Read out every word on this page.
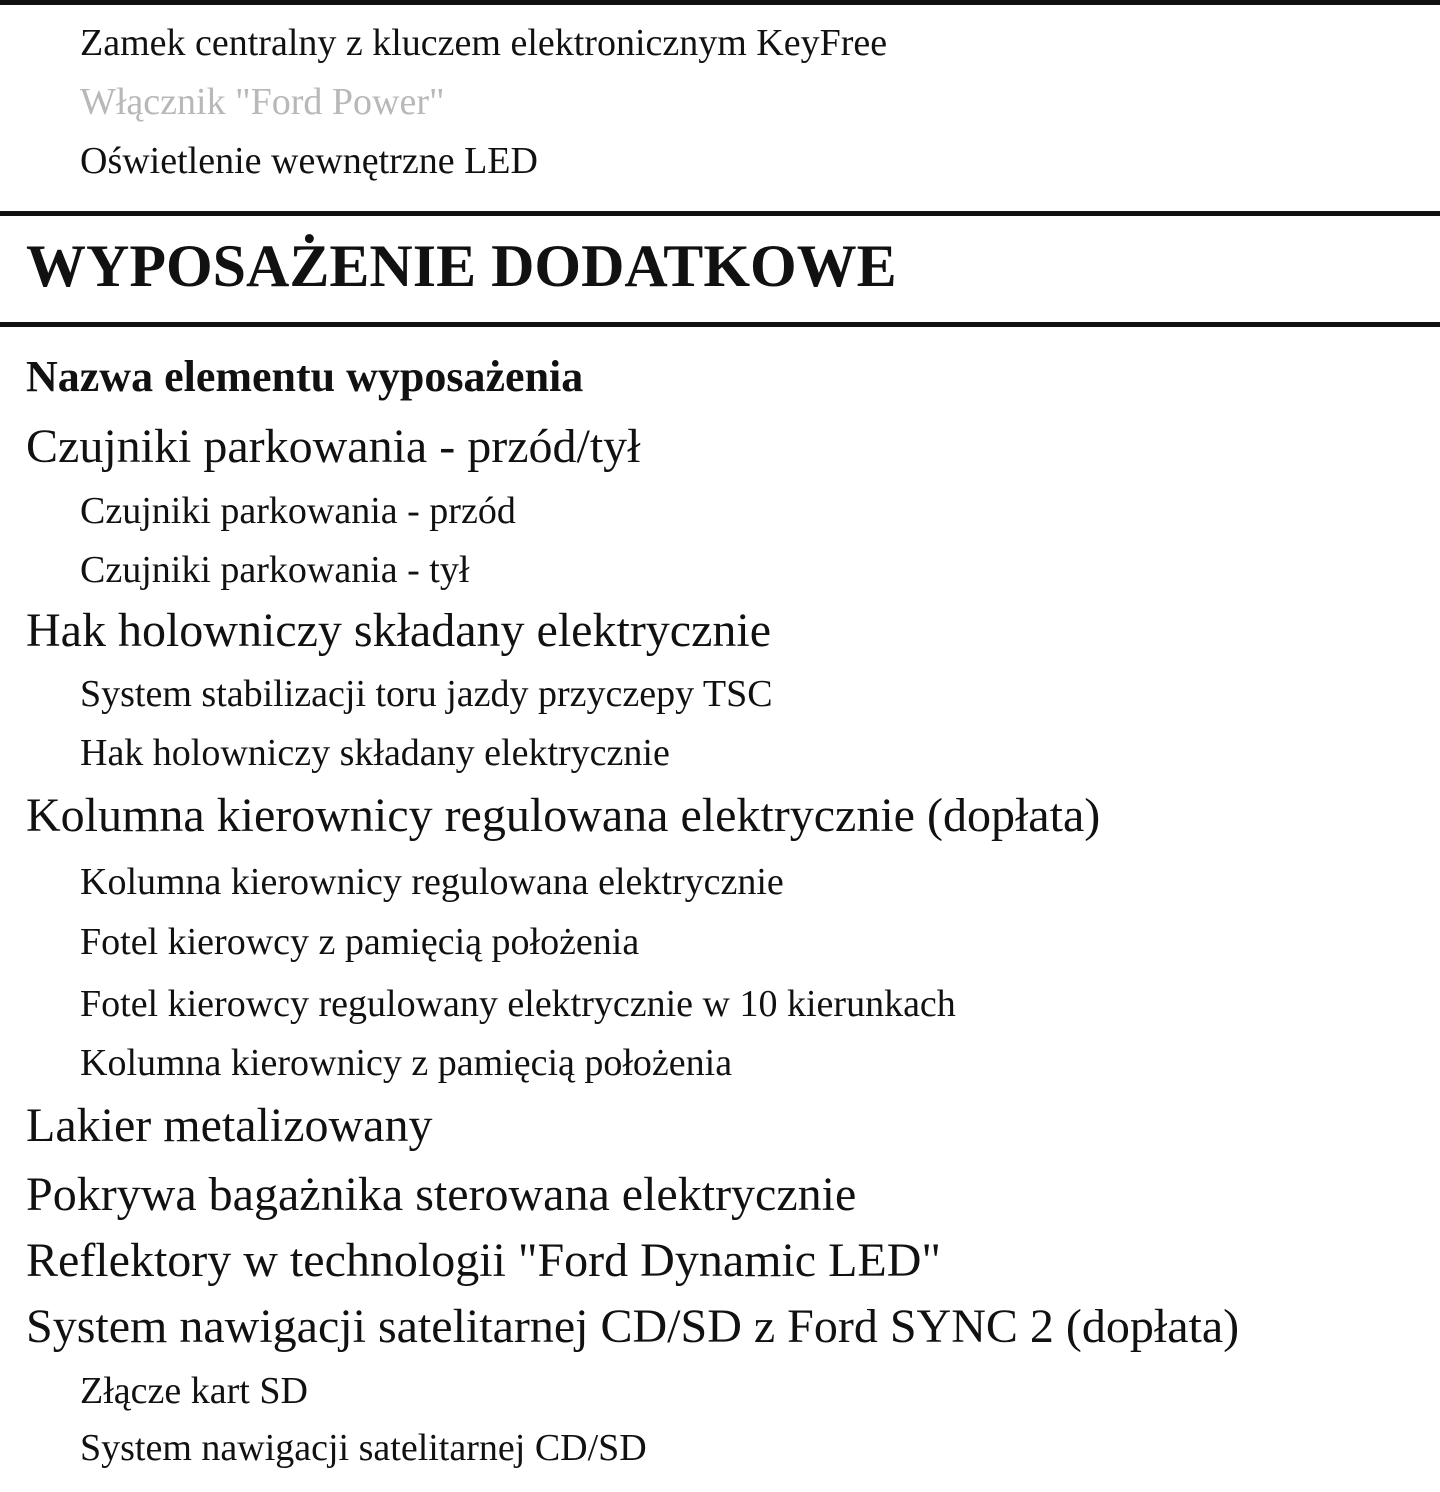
Zamek centralny z kluczem elektronicznym KeyFree
Włącznik "Ford Power"
Oświetlenie wewnętrzne LED
WYPOSAŻENIE DODATKOWE
Nazwa elementu wyposażenia
Czujniki parkowania - przód/tył
Czujniki parkowania - przód
Czujniki parkowania - tył
Hak holowniczy składany elektrycznie
System stabilizacji toru jazdy przyczepy TSC
Hak holowniczy składany elektrycznie
Kolumna kierownicy regulowana elektrycznie (dopłata)
Kolumna kierownicy regulowana elektrycznie
Fotel kierowcy z pamięcią położenia
Fotel kierowcy regulowany elektrycznie w 10 kierunkach
Kolumna kierownicy z pamięcią położenia
Lakier metalizowany
Pokrywa bagażnika sterowana elektrycznie
Reflektory w technologii "Ford Dynamic LED"
System nawigacji satelitarnej CD/SD z Ford SYNC 2 (dopłata)
Złącze kart SD
System nawigacji satelitarnej CD/SD
